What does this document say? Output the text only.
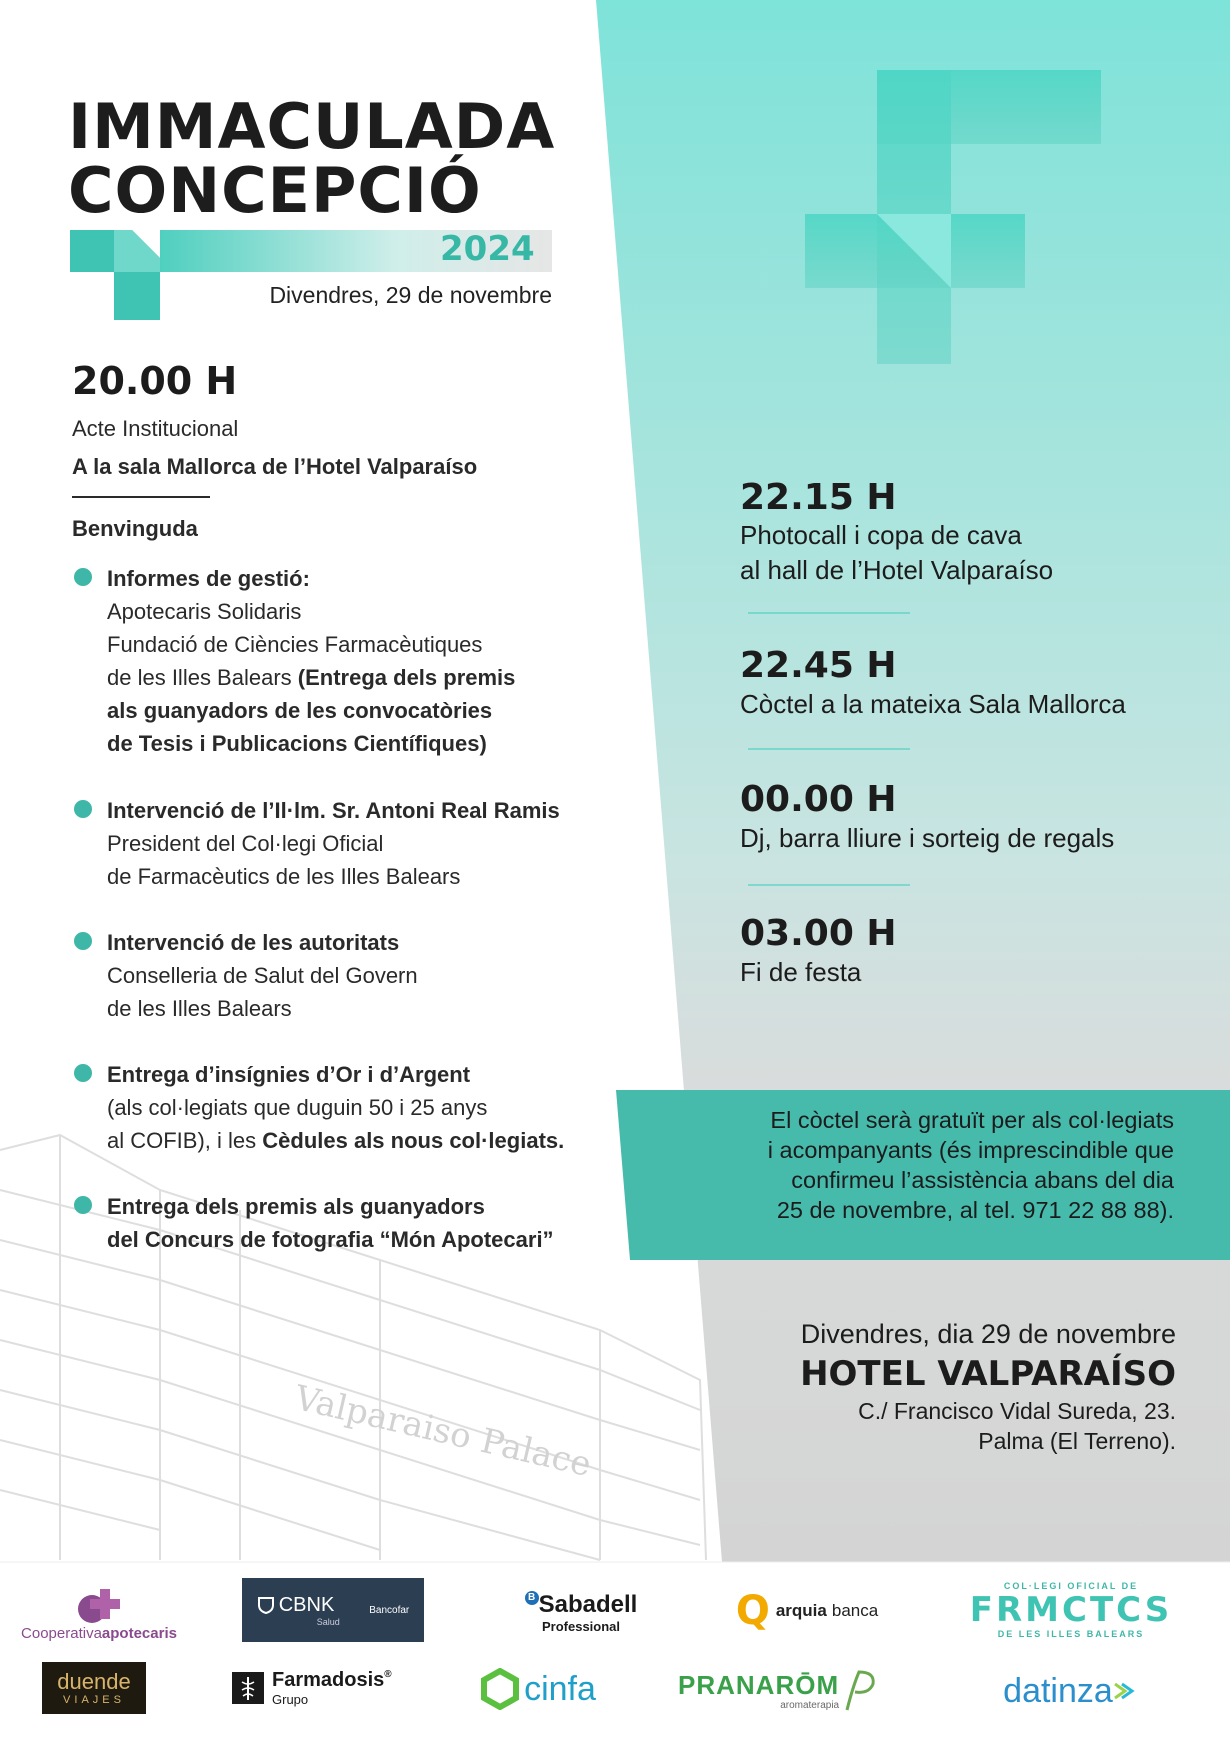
Valparaiso Palace
IMMACULADA
CONCEPCIÓ
2024
Divendres, 29 de novembre
20.00 H
Acte Institucional
A la sala Mallorca de l’Hotel Valparaíso
Benvinguda
Informes de gestió:
Apotecaris Solidaris
Fundació de Ciències Farmacèutiques
de les Illes Balears (Entrega dels premis
als guanyadors de les convocatòries
de Tesis i Publicacions Científiques)
Intervenció de l’Il·lm. Sr. Antoni Real Ramis
President del Col·legi Oficial
de Farmacèutics de les Illes Balears
Intervenció de les autoritats
Conselleria de Salut del Govern
de les Illes Balears
Entrega d’insígnies d’Or i d’Argent
(als col·legiats que duguin 50 i 25 anys
al COFIB), i les Cèdules als nous col·legiats.
Entrega dels premis als guanyadors
del Concurs de fotografia “Món Apotecari”
22.15 H
Photocall i copa de cava
al hall de l’Hotel Valparaíso
22.45 H
Còctel a la mateixa Sala Mallorca
00.00 H
Dj, barra lliure i sorteig de regals
03.00 H
Fi de festa
El còctel serà gratuït per als col·legiats
i acompanyants (és imprescindible que
confirmeu l’assistència abans del dia
25 de novembre, al tel. 971 22 88 88).
Divendres, dia 29 de novembre
HOTEL VALPARAÍSO
C./ Francisco Vidal Sureda, 23.
Palma (El Terreno).
Cooperativaapotecaris
CBNK
Salud
Bancofar
B Sabadell
Professional	Q arquia banca
COL·LEGI OFICIAL DE
FRMCTCS
DE LES ILLES BALEARS
duende
VIAJES
Farmadosis ®
Grupo	cinfa	PRANARŌM
aromaterapia	datinza
